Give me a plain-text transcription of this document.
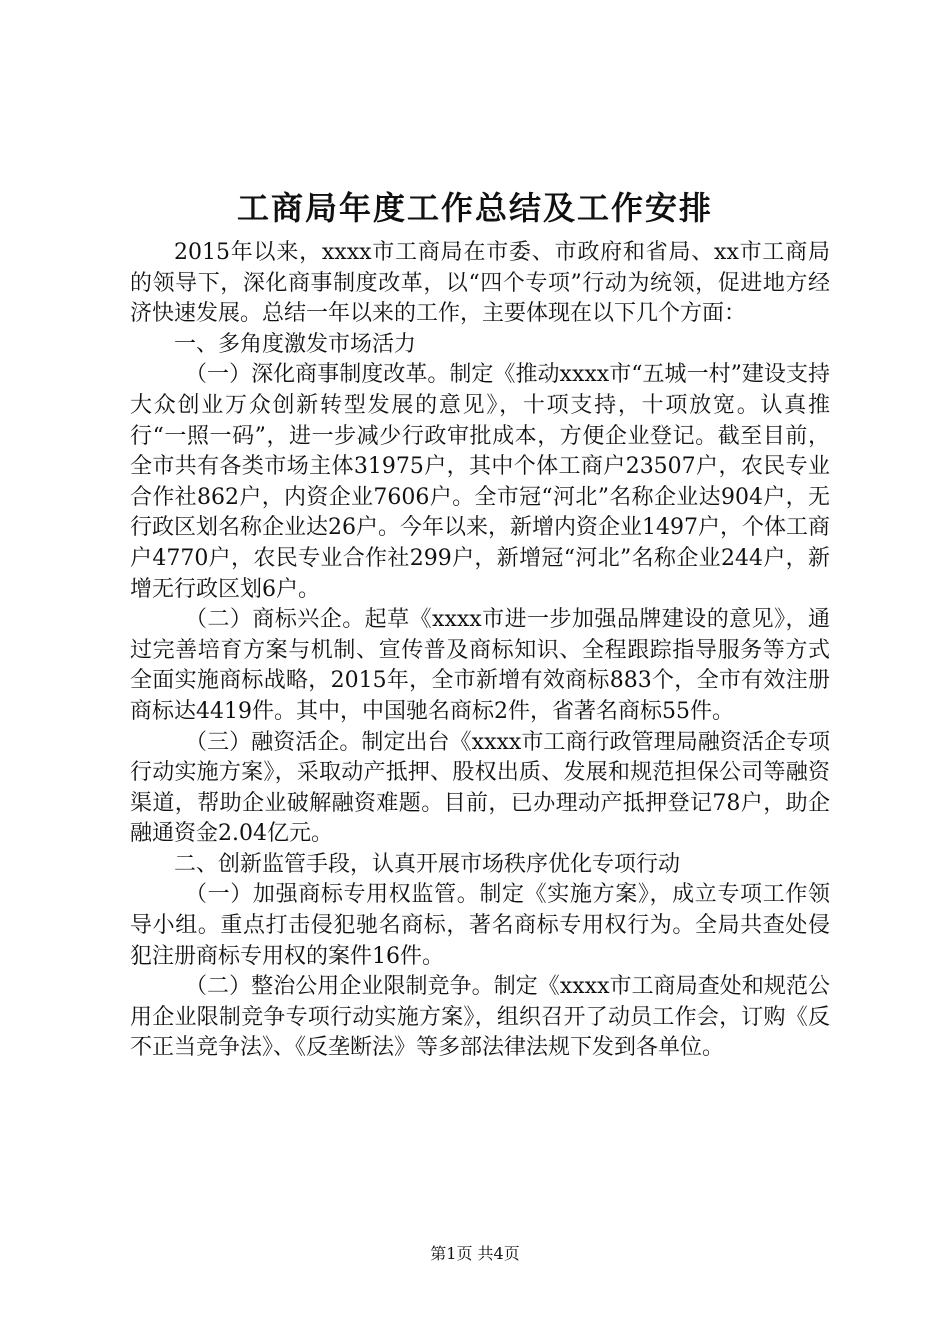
工商局年度工作总结及工作安排

2015年以来，xxxx市工商局在市委、市政府和省局、xx市工商局的领导下，深化商事制度改革，以“四个专项”行动为统领，促进地方经济快速发展。总结一年以来的工作，主要体现在以下几个方面：

一、多角度激发市场活力

（一）深化商事制度改革。制定《推动xxxx市“五城一村”建设支持大众创业万众创新转型发展的意见》，十项支持，十项放宽。认真推行“一照一码”，进一步减少行政审批成本，方便企业登记。截至目前，全市共有各类市场主体31975户，其中个体工商户23507户，农民专业合作社862户，内资企业7606户。全市冠“河北”名称企业达904户，无行政区划名称企业达26户。今年以来，新增内资企业1497户，个体工商户4770户，农民专业合作社299户，新增冠“河北”名称企业244户，新增无行政区划6户。

（二）商标兴企。起草《xxxx市进一步加强品牌建设的意见》，通过完善培育方案与机制、宣传普及商标知识、全程跟踪指导服务等方式全面实施商标战略，2015年，全市新增有效商标883个，全市有效注册商标达4419件。其中，中国驰名商标2件，省著名商标55件。

（三）融资活企。制定出台《xxxx市工商行政管理局融资活企专项行动实施方案》，采取动产抵押、股权出质、发展和规范担保公司等融资渠道，帮助企业破解融资难题。目前，已办理动产抵押登记78户，助企融通资金2.04亿元。

二、创新监管手段，认真开展市场秩序优化专项行动

（一）加强商标专用权监管。制定《实施方案》，成立专项工作领导小组。重点打击侵犯驰名商标，著名商标专用权行为。全局共查处侵犯注册商标专用权的案件16件。

（二）整治公用企业限制竞争。制定《xxxx市工商局查处和规范公用企业限制竞争专项行动实施方案》，组织召开了动员工作会，订购《反不正当竞争法》、《反垄断法》等多部法律法规下发到各单位。

第1页 共4页
